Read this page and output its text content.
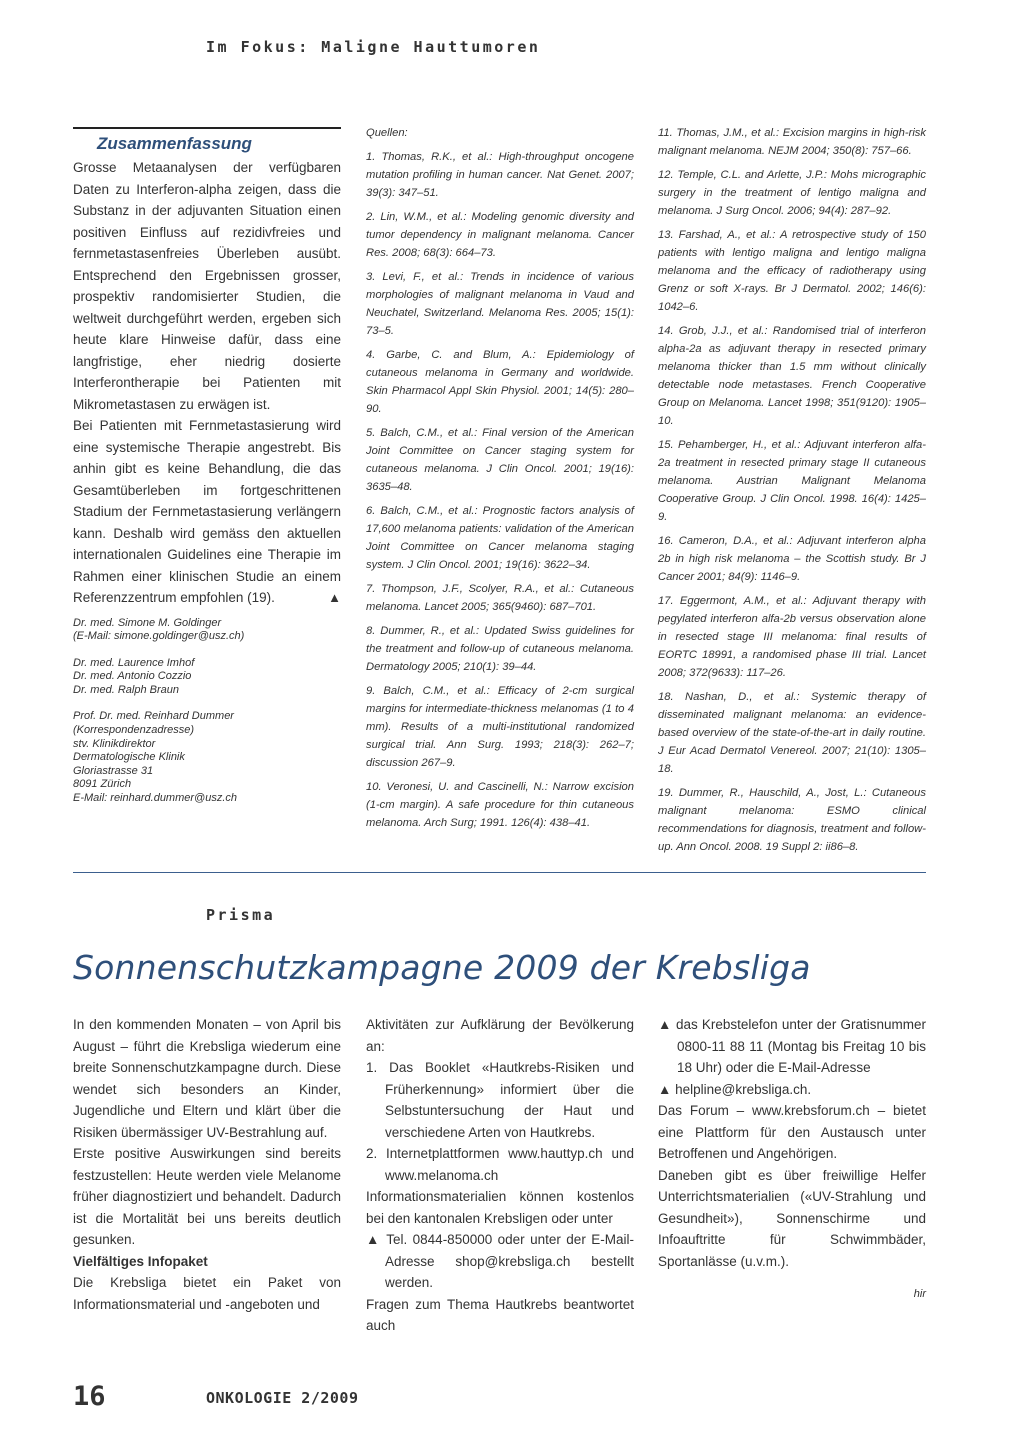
Im Fokus: Maligne Hauttumoren
Zusammenfassung

Grosse Metaanalysen der verfügbaren Daten zu Interferon-alpha zeigen, dass die Substanz in der adjuvanten Situation einen positiven Einfluss auf rezidivfreies und fernmetastasenfreies Überleben ausübt. Entsprechend den Ergebnissen grosser, prospektiv randomisierter Studien, die weltweit durchgeführt werden, ergeben sich heute klare Hinweise dafür, dass eine langfristige, eher niedrig dosierte Interferontherapie bei Patienten mit Mikrometastasen zu erwägen ist.

Bei Patienten mit Fernmetastasierung wird eine systemische Therapie angestrebt. Bis anhin gibt es keine Behandlung, die das Gesamtüberleben im fortgeschrittenen Stadium der Fernmetastasierung verlängern kann. Deshalb wird gemäss den aktuellen internationalen Guidelines eine Therapie im Rahmen einer klinischen Studie an einem Referenzzentrum empfohlen (19).	▲

Dr. med. Simone M. Goldinger
(E-Mail: simone.goldinger@usz.ch)
Dr. med. Laurence Imhof
Dr. med. Antonio Cozzio
Dr. med. Ralph Braun
Prof. Dr. med. Reinhard Dummer
(Korrespondenzadresse)
stv. Klinikdirektor
Dermatologische Klinik
Gloriastrasse 31
8091 Zürich
E-Mail: reinhard.dummer@usz.ch
Quellen:
1. Thomas, R.K., et al.: High-throughput oncogene mutation profiling in human cancer. Nat Genet. 2007; 39(3): 347–51.
2. Lin, W.M., et al.: Modeling genomic diversity and tumor dependency in malignant melanoma. Cancer Res. 2008; 68(3): 664–73.
3. Levi, F., et al.: Trends in incidence of various morphologies of malignant melanoma in Vaud and Neuchatel, Switzerland. Melanoma Res. 2005; 15(1): 73–5.
4. Garbe, C. and Blum, A.: Epidemiology of cutaneous melanoma in Germany and worldwide. Skin Pharmacol Appl Skin Physiol. 2001; 14(5): 280–90.
5. Balch, C.M., et al.: Final version of the American Joint Committee on Cancer staging system for cutaneous melanoma. J Clin Oncol. 2001; 19(16): 3635–48.
6. Balch, C.M., et al.: Prognostic factors analysis of 17,600 melanoma patients: validation of the American Joint Committee on Cancer melanoma staging system. J Clin Oncol. 2001; 19(16): 3622–34.
7. Thompson, J.F., Scolyer, R.A., et al.: Cutaneous melanoma. Lancet 2005; 365(9460): 687–701.
8. Dummer, R., et al.: Updated Swiss guidelines for the treatment and follow-up of cutaneous melanoma. Dermatology 2005; 210(1): 39–44.
9. Balch, C.M., et al.: Efficacy of 2-cm surgical margins for intermediate-thickness melanomas (1 to 4 mm). Results of a multi-institutional randomized surgical trial. Ann Surg. 1993; 218(3): 262–7; discussion 267–9.
10. Veronesi, U. and Cascinelli, N.: Narrow excision (1-cm margin). A safe procedure for thin cutaneous melanoma. Arch Surg; 1991. 126(4): 438–41.
11. Thomas, J.M., et al.: Excision margins in high-risk malignant melanoma. NEJM 2004; 350(8): 757–66.
12. Temple, C.L. and Arlette, J.P.: Mohs micrographic surgery in the treatment of lentigo maligna and melanoma. J Surg Oncol. 2006; 94(4): 287–92.
13. Farshad, A., et al.: A retrospective study of 150 patients with lentigo maligna and lentigo maligna melanoma and the efficacy of radiotherapy using Grenz or soft X-rays. Br J Dermatol. 2002; 146(6): 1042–6.
14. Grob, J.J., et al.: Randomised trial of interferon alpha-2a as adjuvant therapy in resected primary melanoma thicker than 1.5 mm without clinically detectable node metastases. French Cooperative Group on Melanoma. Lancet 1998; 351(9120): 1905–10.
15. Pehamberger, H., et al.: Adjuvant interferon alfa-2a treatment in resected primary stage II cutaneous melanoma. Austrian Malignant Melanoma Cooperative Group. J Clin Oncol. 1998. 16(4): 1425–9.
16. Cameron, D.A., et al.: Adjuvant interferon alpha 2b in high risk melanoma – the Scottish study. Br J Cancer 2001; 84(9): 1146–9.
17. Eggermont, A.M., et al.: Adjuvant therapy with pegylated interferon alfa-2b versus observation alone in resected stage III melanoma: final results of EORTC 18991, a randomised phase III trial. Lancet 2008; 372(9633): 117–26.
18. Nashan, D., et al.: Systemic therapy of disseminated malignant melanoma: an evidence-based overview of the state-of-the-art in daily routine. J Eur Acad Dermatol Venereol. 2007; 21(10): 1305–18.
19. Dummer, R., Hauschild, A., Jost, L.: Cutaneous malignant melanoma: ESMO clinical recommendations for diagnosis, treatment and follow-up. Ann Oncol. 2008. 19 Suppl 2: ii86–8.
Prisma
Sonnenschutzkampagne 2009 der Krebsliga

In den kommenden Monaten – von April bis August – führt die Krebsliga wiederum eine breite Sonnenschutzkampagne durch. Diese wendet sich besonders an Kinder, Jugendliche und Eltern und klärt über die Risiken übermässiger UV-Bestrahlung auf.

Erste positive Auswirkungen sind bereits festzustellen: Heute werden viele Melanome früher diagnostiziert und behandelt. Dadurch ist die Mortalität bei uns bereits deutlich gesunken.

Vielfältiges Infopaket

Die Krebsliga bietet ein Paket von Informationsmaterial und -angeboten und

Aktivitäten zur Aufklärung der Bevölkerung an:

1. Das Booklet «Hautkrebs-Risiken und Früherkennung» informiert über die Selbstuntersuchung der Haut und verschiedene Arten von Hautkrebs.
2. Internetplattformen www.hauttyp.ch und www.melanoma.ch

Informationsmaterialien können kostenlos bei den kantonalen Krebsligen oder unter

▲ Tel. 0844-850000 oder unter der E-Mail-Adresse shop@krebsliga.ch bestellt werden.

Fragen zum Thema Hautkrebs beantwortet auch

▲ das Krebstelefon unter der Gratisnummer 0800-11 88 11 (Montag bis Freitag 10 bis 18 Uhr) oder die E-Mail-Adresse
▲ helpline@krebsliga.ch.

Das Forum – www.krebsforum.ch – bietet eine Plattform für den Austausch unter Betroffenen und Angehörigen.

Daneben gibt es über freiwillige Helfer Unterrichtsmaterialien («UV-Strahlung und Gesundheit»), Sonnenschirme und Infoauftritte für Schwimmbäder, Sportanlässe (u.v.m.).

hir
16	ONKOLOGIE 2/2009
